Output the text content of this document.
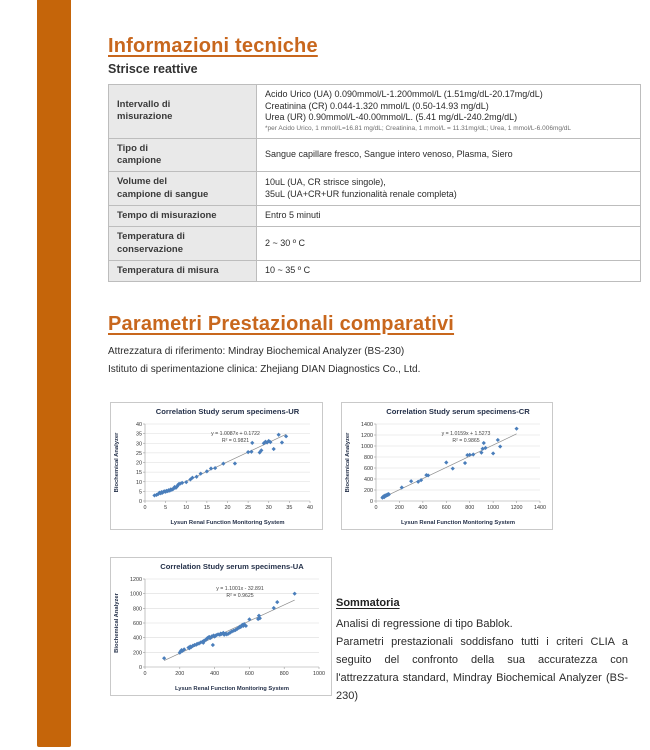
Informazioni tecniche
Strisce reattive
Intervallo di
misurazione	Acido Urico (UA) 0.090mmol/L-1.200mmol/L (1.51mg/dL-20.17mg/dL)
Creatinina (CR) 0.044-1.320 mmol/L (0.50-14.93 mg/dL)
Urea (UR) 0.90mmol/L-40.00mmol/L. (5.41 mg/dL-240.2mg/dL)
*per Acido Urico, 1 mmol/L=16.81 mg/dL; Creatinina, 1 mmol/L = 11.31mg/dL; Urea, 1 mmol/L-6.006mg/dL

Tipo di
campione	Sangue capillare fresco, Sangue intero venoso, Plasma, Siero
Volume del
campione di sangue	10uL (UA, CR strisce singole),
35uL (UA+CR+UR funzionalità renale completa)
Tempo di misurazione	Entro 5 minuti
Temperatura di
conservazione	2 ~ 30 º C
Temperatura di misura	10 ~ 35 º C
Parametri Prestazionali comparativi

Attrezzatura di riferimento: Mindray Biochemical Analyzer (BS-230)

Istituto di sperimentazione clinica: Zhejiang DIAN Diagnostics Co., Ltd.

0
5
10
15
20
25
30
35
40
0	5	10	15	20	25	30	35	40
Correlation Study serum specimens-UR
y = 1.0087x + 0.1722
R² = 0.9821
Lysun Renal Function Monitoring System
Biochemical Analyzer
0
200
400
600
800
1000
1200
1400
0	200	400	600	800 1000 1200 1400
Correlation Study serum specimens-CR
y = 1.0159x + 1.5273
R² = 0.9865
Lysun Renal Function Monitoring System
Biochemical Analyzer
0
200
400
600
800
1000
1200
0	200	400	600	800	1000
Correlation Study serum specimens-UA
y = 1.1001x - 32.891
R² = 0.9625
Lysun Renal Function Monitoring System
Biochemical Analyzer	Sommatoria

Analisi di regressione di tipo Bablok.

Parametri prestazionali soddisfano tutti i criteri CLIA a seguito del confronto della sua accuratezza con l'attrezzatura standard, Mindray Biochemical Analyzer (BS-230)
